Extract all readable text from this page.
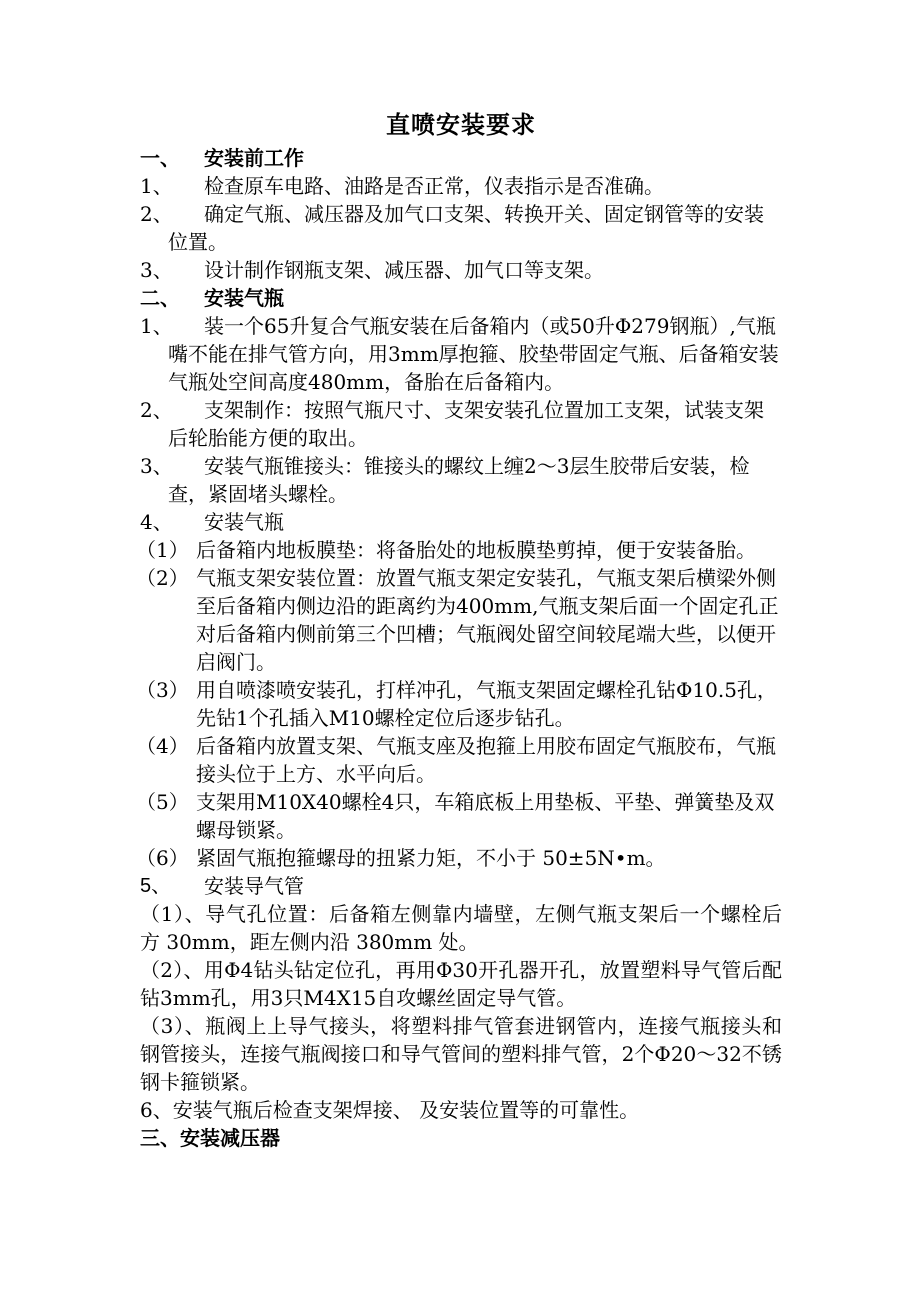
直喷安装要求
一、	安装前工作
1、	检查原车电路、油路是否正常，仪表指示是否准确。
2、	确定气瓶、减压器及加气口支架、转换开关、固定钢管等的安装位置。
3、	设计制作钢瓶支架、减压器、加气口等支架。
二、	安装气瓶
1、	装一个65升复合气瓶安装在后备箱内（或50升Φ279钢瓶）,气瓶嘴不能在排气管方向，用3mm厚抱箍、胶垫带固定气瓶、后备箱安装气瓶处空间高度480mm，备胎在后备箱内。
2、	支架制作：按照气瓶尺寸、支架安装孔位置加工支架，试装支架后轮胎能方便的取出。
3、	安装气瓶锥接头：锥接头的螺纹上缠2～3层生胶带后安装，检查，紧固堵头螺栓。
4、	安装气瓶
（1） 后备箱内地板膜垫：将备胎处的地板膜垫剪掉，便于安装备胎。
（2） 气瓶支架安装位置：放置气瓶支架定安装孔，气瓶支架后横梁外侧至后备箱内侧边沿的距离约为400mm,气瓶支架后面一个固定孔正对后备箱内侧前第三个凹槽；气瓶阀处留空间较尾端大些，以便开启阀门。
（3） 用自喷漆喷安装孔，打样冲孔，气瓶支架固定螺栓孔钻Φ10.5孔，先钻1个孔插入M10螺栓定位后逐步钻孔。
（4） 后备箱内放置支架、气瓶支座及抱箍上用胶布固定气瓶胶布，气瓶接头位于上方、水平向后。
（5） 支架用M10X40螺栓4只，车箱底板上用垫板、平垫、弹簧垫及双螺母锁紧。
（6） 紧固气瓶抱箍螺母的扭紧力矩，不小于 50±5N•m。
5、	安装导气管

（1）、导气孔位置：后备箱左侧靠内墙壁，左侧气瓶支架后一个螺栓后方 30mm，距左侧内沿 380mm 处。

（2）、用Φ4钻头钻定位孔，再用Φ30开孔器开孔，放置塑料导气管后配钻3mm孔，用3只M4X15自攻螺丝固定导气管。

（3）、瓶阀上上导气接头，将塑料排气管套进钢管内，连接气瓶接头和钢管接头，连接气瓶阀接口和导气管间的塑料排气管，2个Φ20～32不锈钢卡箍锁紧。

6、安装气瓶后检查支架焊接、 及安装位置等的可靠性。

三、安装减压器
